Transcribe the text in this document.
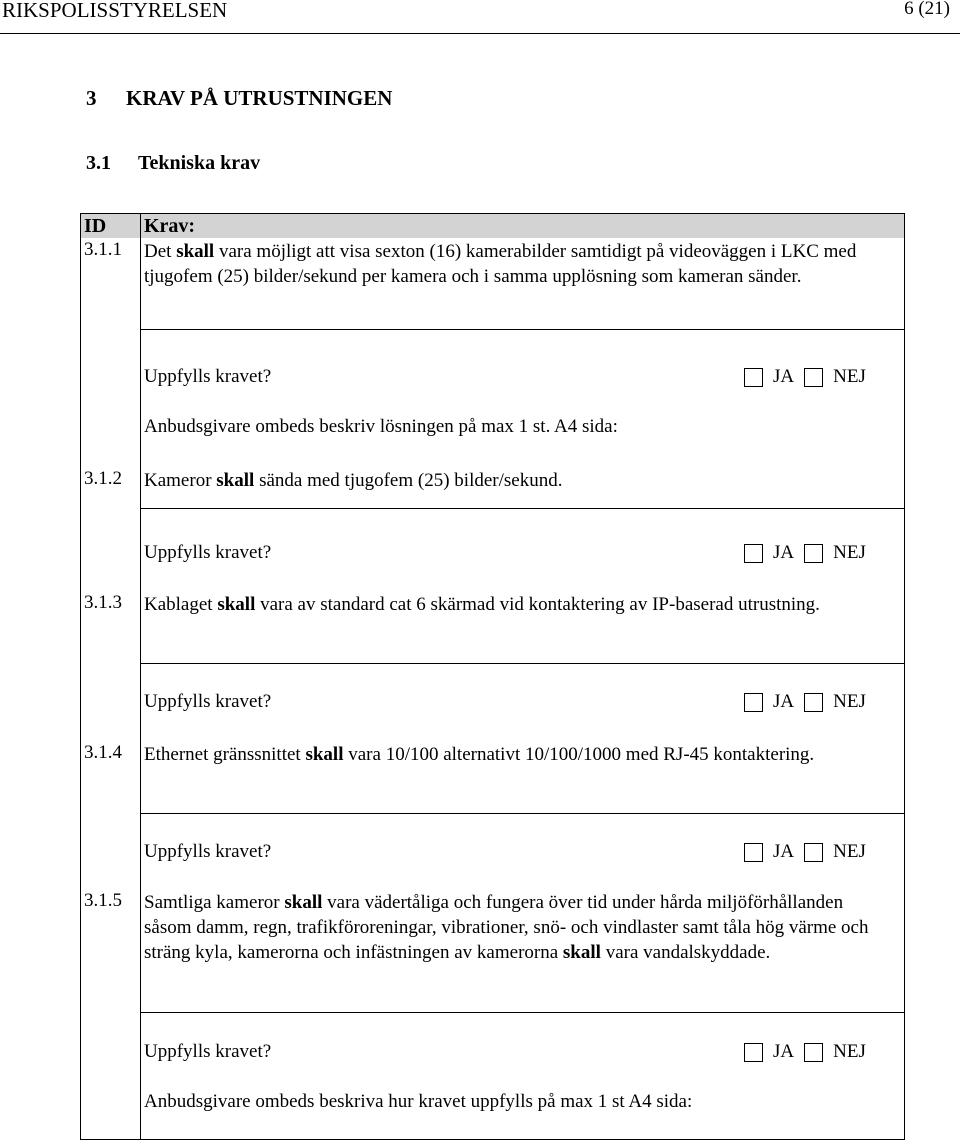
RIKSPOLISSTYRELSEN	6 (21)
3 KRAV PÅ UTRUSTNINGEN
3.1 Tekniska krav
ID Krav:
3.1.1 Det skall vara möjligt att visa sexton (16) kamerabilder samtidigt på videoväggen i LKC med tjugofem (25) bilder/sekund per kamera och i samma upplösning som kameran sänder.
Uppfylls kravet?	JA NEJ
Anbudsgivare ombeds beskriv lösningen på max 1 st. A4 sida:
3.1.2 Kameror skall sända med tjugofem (25) bilder/sekund.
Uppfylls kravet?	JA NEJ
3.1.3 Kablaget skall vara av standard cat 6 skärmad vid kontaktering av IP-baserad utrustning.
Uppfylls kravet?	JA NEJ
3.1.4 Ethernet gränssnittet skall vara 10/100 alternativt 10/100/1000 med RJ-45 kontaktering.
Uppfylls kravet?	JA NEJ
3.1.5 Samtliga kameror skall vara vädertåliga och fungera över tid under hårda miljöförhållanden såsom damm, regn, trafikföroreningar, vibrationer, snö- och vindlaster samt tåla hög värme och sträng kyla, kamerorna och infästningen av kamerorna skall vara vandalskyddade.
Uppfylls kravet?	JA NEJ
Anbudsgivare ombeds beskriva hur kravet uppfylls på max 1 st A4 sida:
